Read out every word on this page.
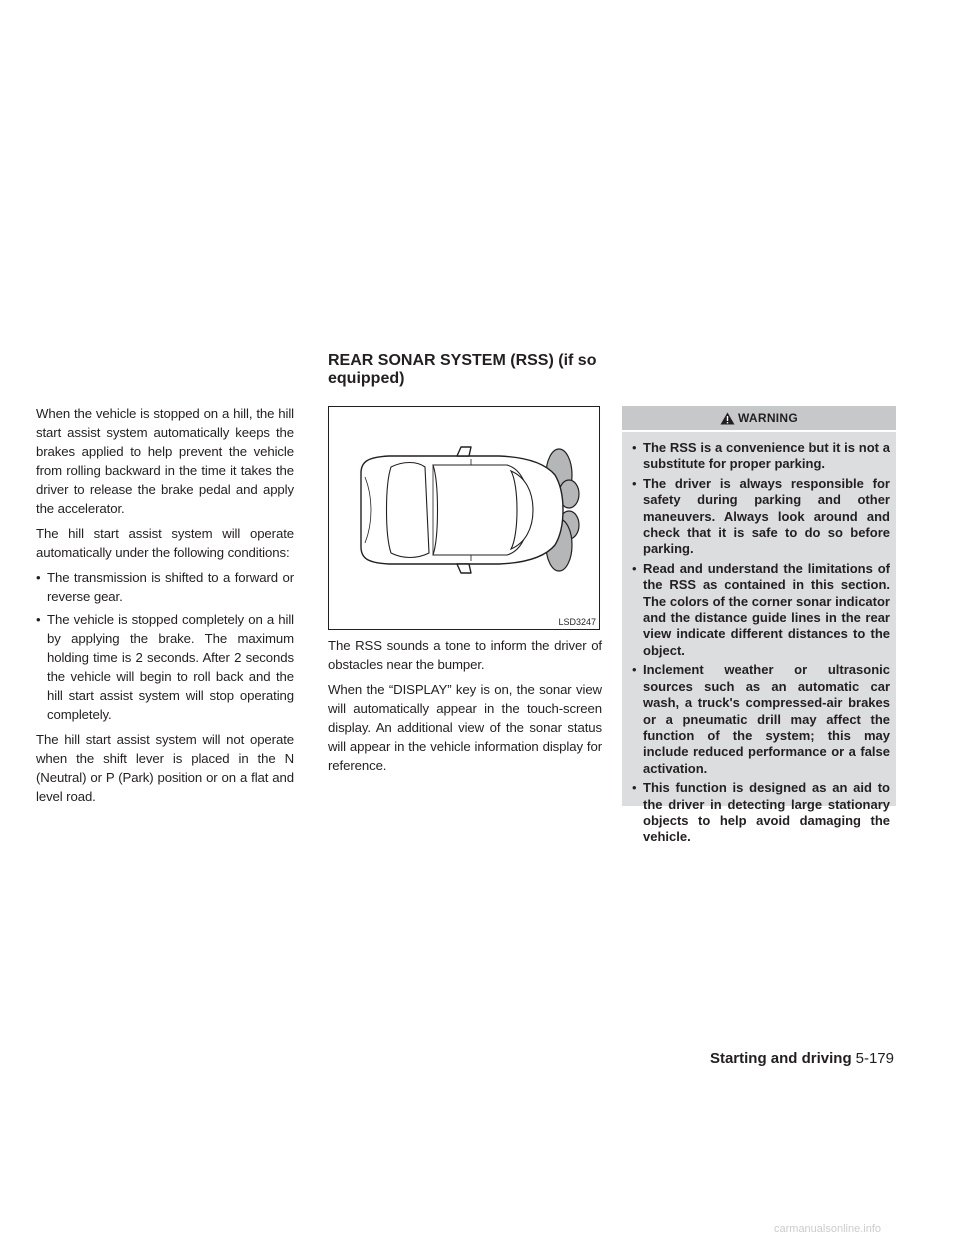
When the vehicle is stopped on a hill, the hill start assist system automatically keeps the brakes applied to help prevent the vehicle from rolling backward in the time it takes the driver to release the brake pedal and apply the accelerator.

The hill start assist system will operate automatically under the following conditions:

• The transmission is shifted to a forward or reverse gear.
• The vehicle is stopped completely on a hill by applying the brake. The maximum holding time is 2 seconds. After 2 seconds the vehicle will begin to roll back and the hill start assist system will stop operating completely.

The hill start assist system will not operate when the shift lever is placed in the N (Neutral) or P (Park) position or on a flat and level road.

REAR SONAR SYSTEM (RSS) (if so equipped)
LSD3247

The RSS sounds a tone to inform the driver of obstacles near the bumper.

When the “DISPLAY” key is on, the sonar view will automatically appear in the touch-screen display. An additional view of the sonar status will appear in the vehicle information display for reference.

WARNING
• The RSS is a convenience but it is not a substitute for proper parking.
• The driver is always responsible for safety during parking and other maneuvers. Always look around and check that it is safe to do so before parking.
• Read and understand the limitations of the RSS as contained in this section. The colors of the corner sonar indicator and the distance guide lines in the rear view indicate different distances to the object.
• Inclement weather or ultrasonic sources such as an automatic car wash, a truck's compressed-air brakes or a pneumatic drill may affect the function of the system; this may include reduced performance or a false activation.
• This function is designed as an aid to the driver in detecting large stationary objects to help avoid damaging the vehicle.
Starting and driving 5-179
carmanualsonline.info
